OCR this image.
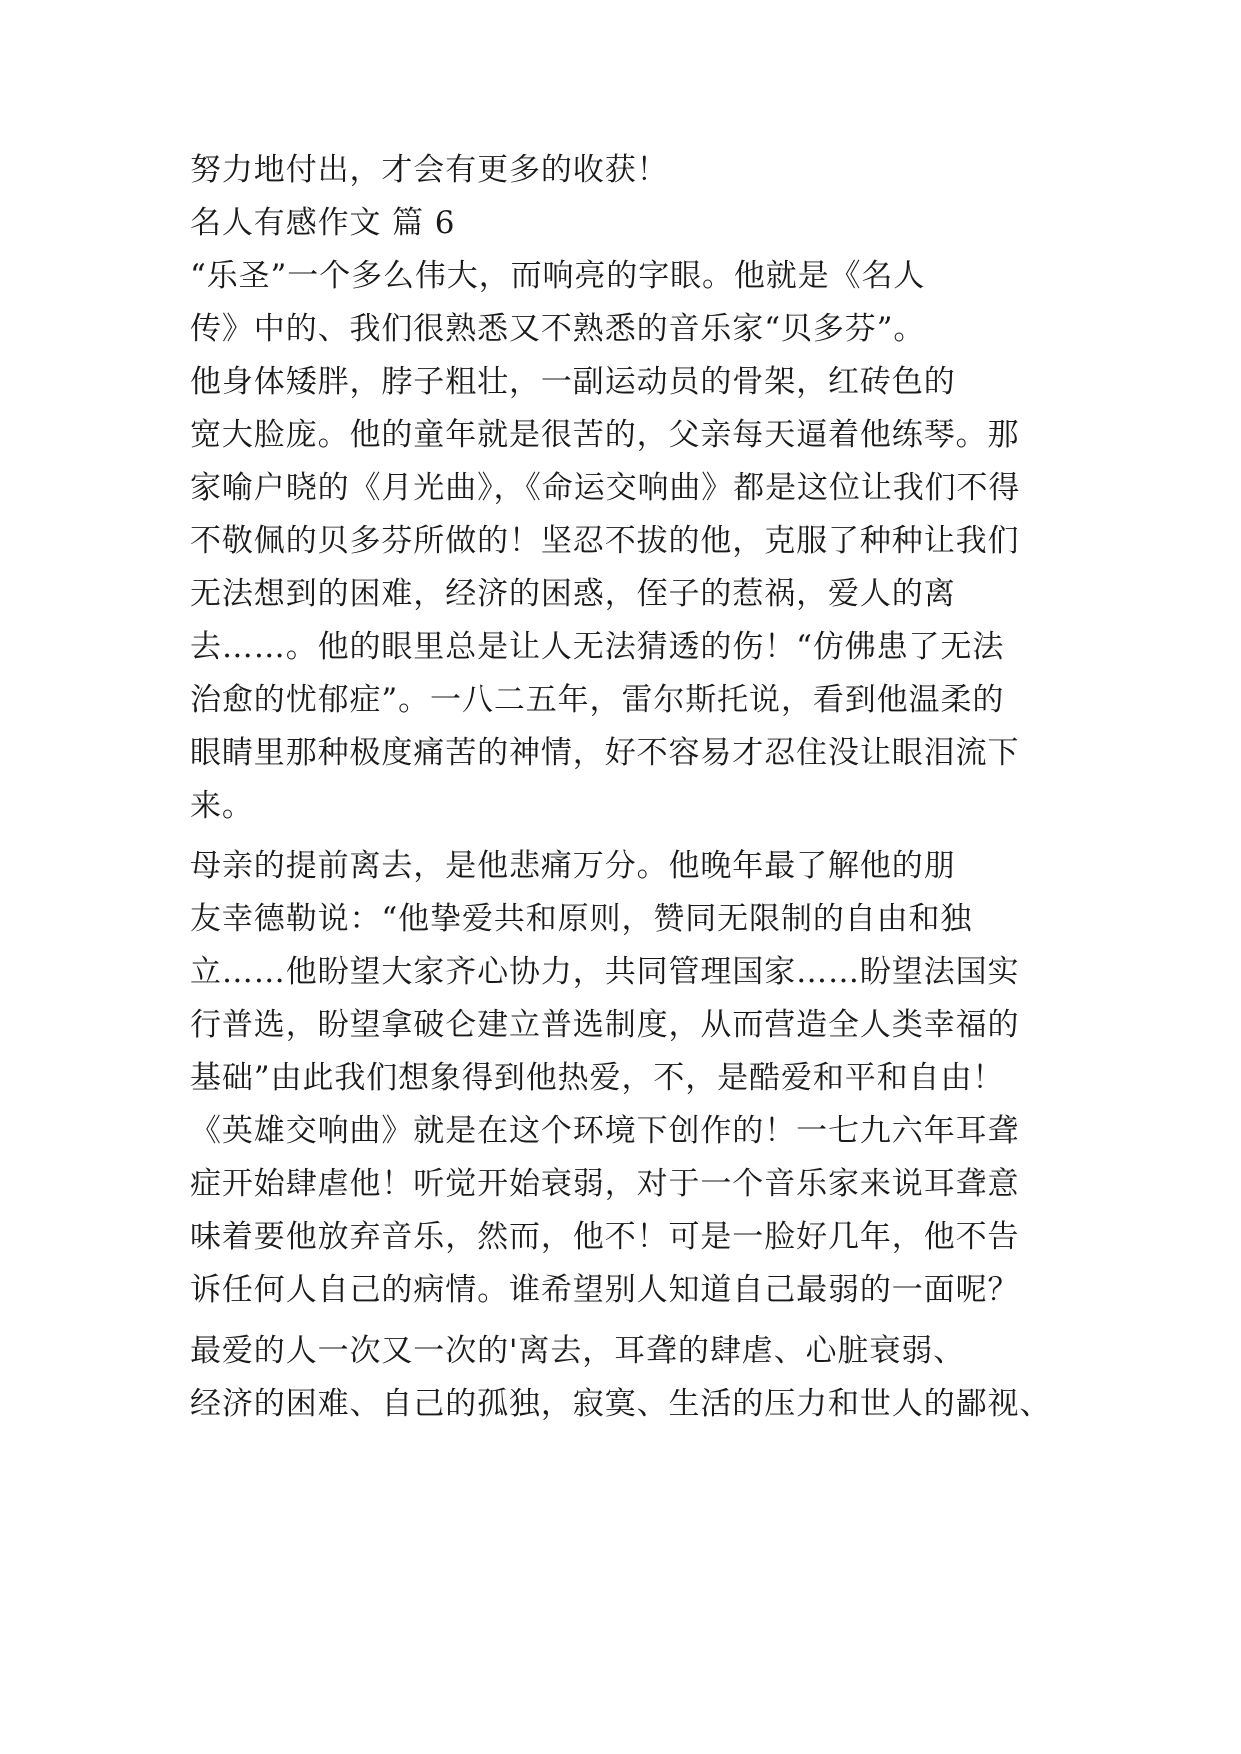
努力地付出，才会有更多的收获！
名人有感作文 篇 6
“乐圣”一个多么伟大，而响亮的字眼。他就是《名人
传》中的、我们很熟悉又不熟悉的音乐家“贝多芬”。
他身体矮胖，脖子粗壮，一副运动员的骨架，红砖色的
宽大脸庞。他的童年就是很苦的，父亲每天逼着他练琴。那
家喻户晓的《月光曲》，《命运交响曲》都是这位让我们不得
不敬佩的贝多芬所做的！坚忍不拔的他，克服了种种让我们
无法想到的困难，经济的困惑，侄子的惹祸，爱人的离
去……。他的眼里总是让人无法猜透的伤！“仿佛患了无法
治愈的忧郁症”。一八二五年，雷尔斯托说，看到他温柔的
眼睛里那种极度痛苦的神情，好不容易才忍住没让眼泪流下
来。
母亲的提前离去，是他悲痛万分。他晚年最了解他的朋
友幸德勒说：“他挚爱共和原则，赞同无限制的自由和独
立……他盼望大家齐心协力，共同管理国家……盼望法国实
行普选，盼望拿破仑建立普选制度，从而营造全人类幸福的
基础”由此我们想象得到他热爱，不，是酷爱和平和自由！
《英雄交响曲》就是在这个环境下创作的！一七九六年耳聋
症开始肆虐他！听觉开始衰弱，对于一个音乐家来说耳聋意
味着要他放弃音乐，然而，他不！可是一脸好几年，他不告
诉任何人自己的病情。谁希望别人知道自己最弱的一面呢？
最爱的人一次又一次的'离去，耳聋的肆虐、心脏衰弱、
经济的困难、自己的孤独，寂寞、生活的压力和世人的鄙视、
